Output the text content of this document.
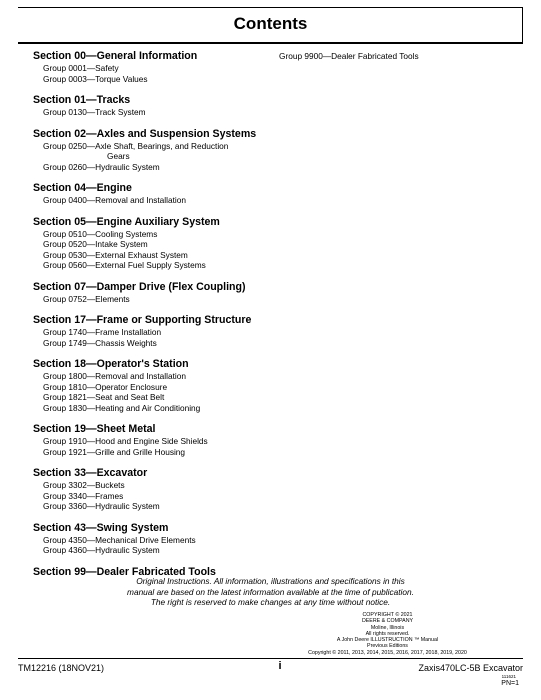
Contents
Section 00—General Information
Group 0001—Safety
Group 0003—Torque Values
Section 01—Tracks
Group 0130—Track System
Section 02—Axles and Suspension Systems
Group 0250—Axle Shaft, Bearings, and Reduction
Gears
Group 0260—Hydraulic System
Section 04—Engine
Group 0400—Removal and Installation
Section 05—Engine Auxiliary System
Group 0510—Cooling Systems
Group 0520—Intake System
Group 0530—External Exhaust System
Group 0560—External Fuel Supply Systems
Section 07—Damper Drive (Flex Coupling)
Group 0752—Elements
Section 17—Frame or Supporting Structure
Group 1740—Frame Installation
Group 1749—Chassis Weights
Section 18—Operator's Station
Group 1800—Removal and Installation
Group 1810—Operator Enclosure
Group 1821—Seat and Seat Belt
Group 1830—Heating and Air Conditioning
Section 19—Sheet Metal
Group 1910—Hood and Engine Side Shields
Group 1921—Grille and Grille Housing
Section 33—Excavator
Group 3302—Buckets
Group 3340—Frames
Group 3360—Hydraulic System
Section 43—Swing System
Group 4350—Mechanical Drive Elements
Group 4360—Hydraulic System
Section 99—Dealer Fabricated Tools
Group 9900—Dealer Fabricated Tools
Original Instructions. All information, illustrations and specifications in this
manual are based on the latest information available at the time of publication.
The right is reserved to make changes at any time without notice.
COPYRIGHT © 2021
DEERE & COMPANY
Moline, Illinois
All rights reserved.
A John Deere ILLUSTRUCTION ™ Manual
Previous Editions
Copyright © 2011, 2013, 2014, 2015, 2016, 2017, 2018, 2019, 2020
TM12216 (18NOV21)	i	Zaxis470LC-5B Excavator
111621
PN=1
